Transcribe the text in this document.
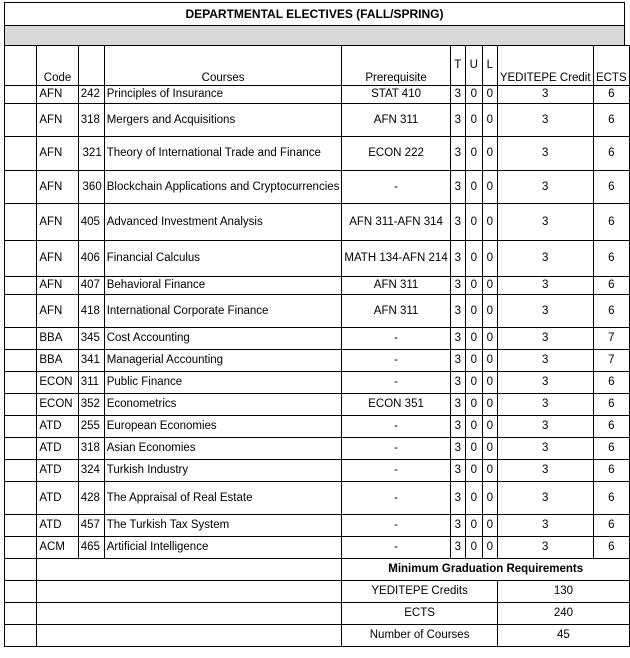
DEPARTMENTAL ELECTIVES (FALL/SPRING)
	Code		Courses	Prerequisite	T	U	L	YEDITEPE Credit	ECTS
	AFN	242	Principles of Insurance	STAT 410	3	0	0	3	6
	AFN	318	Mergers and Acquisitions	AFN 311	3	0	0	3	6
	AFN	321	Theory of International Trade and Finance	ECON 222	3	0	0	3	6
	AFN	360	Blockchain Applications and Cryptocurrencies	-	3	0	0	3	6
	AFN	405	Advanced Investment Analysis	AFN 311-AFN 314	3	0	0	3	6
	AFN	406	Financial Calculus	MATH 134-AFN 214	3	0	0	3	6
	AFN	407	Behavioral Finance	AFN 311	3	0	0	3	6
	AFN	418	International Corporate Finance	AFN 311	3	0	0	3	6
	BBA	345	Cost Accounting	-	3	0	0	3	7
	BBA	341	Managerial Accounting	-	3	0	0	3	7
	ECON	311	Public Finance	-	3	0	0	3	6
	ECON	352	Econometrics	ECON 351	3	0	0	3	6
	ATD	255	European Economies	-	3	0	0	3	6
	ATD	318	Asian Economies	-	3	0	0	3	6
	ATD	324	Turkish Industry	-	3	0	0	3	6
	ATD	428	The Appraisal of Real Estate	-	3	0	0	3	6
	ATD	457	The Turkish Tax System	-	3	0	0	3	6
	ACM	465	Artificial Intelligence	-	3	0	0	3	6
				Minimum Graduation Requirements					
				YEDITEPE Credits				130	
				ECTS				240	
				Number of Courses				45	
